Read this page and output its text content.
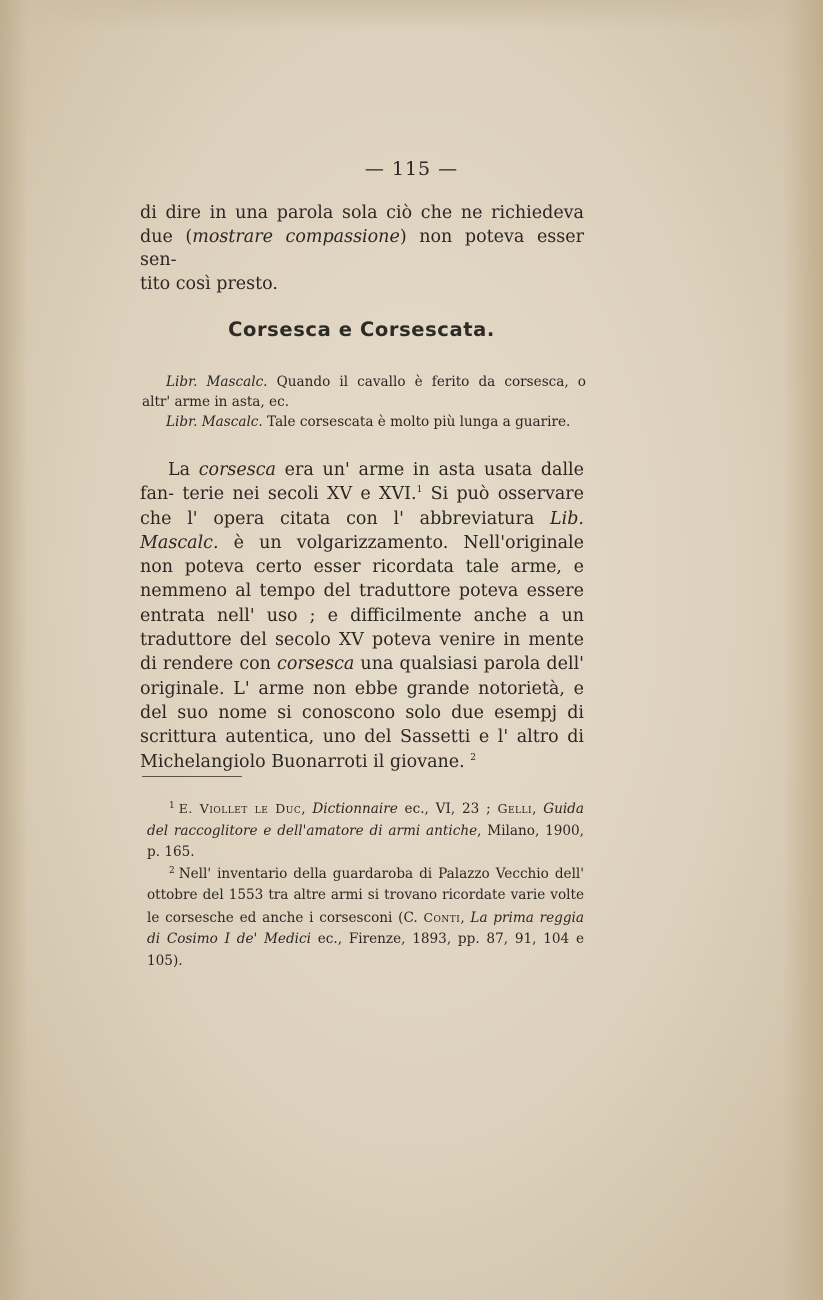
— 115 —

di dire in una parola sola ciò che ne richiedeva

due (mostrare compassione) non poteva esser sen-

tito così presto.

Corsesca e Corsescata.

Libr. Mascalc. Quando il cavallo è ferito da corsesca, o

altr' arme in asta, ec.

Libr. Mascalc. Tale corsescata è molto più lunga a guarire.

La corsesca era un' arme in asta usata dalle fan- terie nei secoli XV e XVI.$^1$ Si può osservare che l' opera citata con l' abbreviatura Lib. Mascalc. è un volgarizzamento. Nell'originale non poteva certo esser ricordata tale arme, e nemmeno al tempo del traduttore poteva essere entrata nell' uso ; e difficilmente anche a un traduttore del secolo XV poteva venire in mente di rendere con corsesca una qualsiasi parola dell' originale. L' arme non ebbe grande notorietà, e del suo nome si conoscono solo due esempj di scrittura autentica, uno del Sassetti e l' altro di Michelangiolo Buonarroti il giovane. $^2$

$^1$ E. Viollet le Duc, Dictionnaire ec., VI, 23 ; Gelli, Guida del raccoglitore e dell'amatore di armi antiche, Milano, 1900, p. 165.

$^2$ Nell' inventario della guardaroba di Palazzo Vecchio dell' ottobre del 1553 tra altre armi si trovano ricordate varie volte le corsesche ed anche i corsesconi (C. Conti, La prima reggia di Cosimo I de' Medici ec., Firenze, 1893, pp. 87, 91, 104 e 105).
